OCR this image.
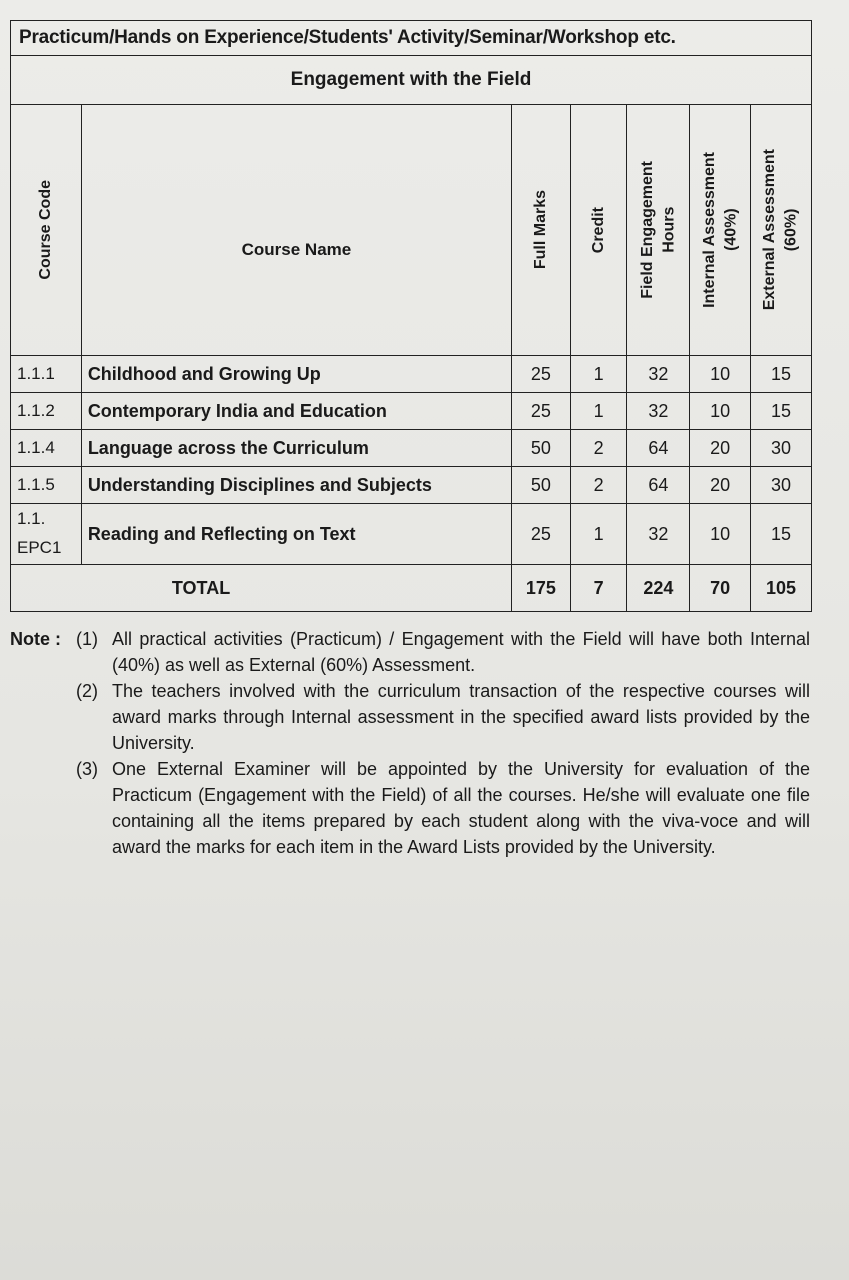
Practicum/Hands on Experience/Students' Activity/Seminar/Workshop etc.						
Engagement with the Field						

Course Code	Course Name	Full Marks	Credit	Field Engagement Hours	Internal Assessment (40%)	External Assessment (60%)

1.1.1	Childhood and Growing Up	25	1	32	10	15
1.1.2	Contemporary India and Education	25	1	32	10	15
1.1.4	Language across the Curriculum	50	2	64	20	30
1.1.5	Understanding Disciplines and Subjects	50	2	64	20	30
1.1.
EPC1	Reading and Reflecting on Text	25	1	32	10	15
TOTAL		175	7	224	70	105
Note : (1) All practical activities (Practicum) / Engagement with the Field will have both Internal (40%) as well as External (60%) Assessment.
(2) The teachers involved with the curriculum transaction of the respective courses will award marks through Internal assessment in the specified award lists provided by the University.
(3) One External Examiner will be appointed by the University for evaluation of the Practicum (Engagement with the Field) of all the courses. He/she will evaluate one file containing all the items prepared by each student along with the viva-voce and will award the marks for each item in the Award Lists provided by the University.
